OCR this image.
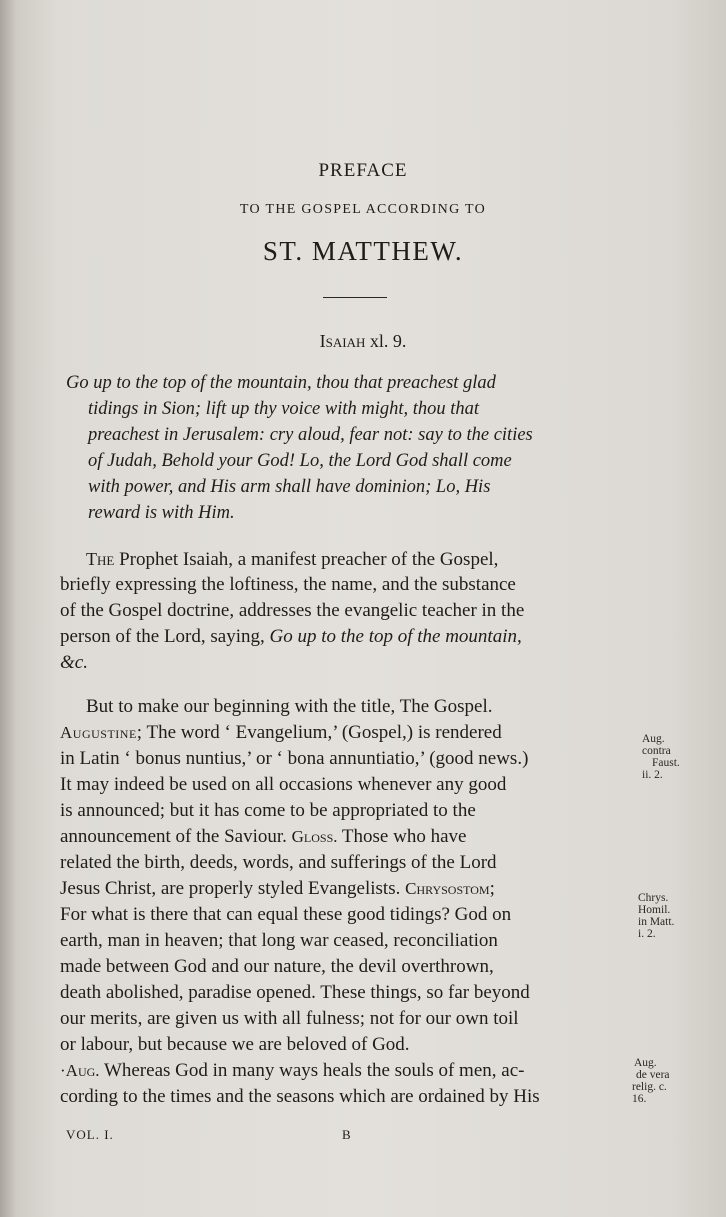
PREFACE
TO THE GOSPEL ACCORDING TO
ST. MATTHEW.
Isaiah xl. 9.
Go up to the top of the mountain, thou that preachest glad
tidings in Sion; lift up thy voice with might, thou that
preachest in Jerusalem: cry aloud, fear not: say to the cities
of Judah, Behold your God! Lo, the Lord God shall come
with power, and His arm shall have dominion; Lo, His
reward is with Him.
The Prophet Isaiah, a manifest preacher of the Gospel,
briefly expressing the loftiness, the name, and the substance
of the Gospel doctrine, addresses the evangelic teacher in the
person of the Lord, saying, Go up to the top of the mountain,
&c.
But to make our beginning with the title, The Gospel.
Augustine; The word ‘ Evangelium,’ (Gospel,) is rendered
in Latin ‘ bonus nuntius,’ or ‘ bona annuntiatio,’ (good news.)
It may indeed be used on all occasions whenever any good
is announced; but it has come to be appropriated to the
announcement of the Saviour. Gloss. Those who have
related the birth, deeds, words, and sufferings of the Lord
Jesus Christ, are properly styled Evangelists. Chrysostom;
For what is there that can equal these good tidings? God on
earth, man in heaven; that long war ceased, reconciliation
made between God and our nature, the devil overthrown,
death abolished, paradise opened. These things, so far beyond
our merits, are given us with all fulness; not for our own toil
or labour, but because we are beloved of God.
·Aug. Whereas God in many ways heals the souls of men, ac-
cording to the times and the seasons which are ordained by His
Aug.
contra
Faust.
ii. 2.
Chrys.
Homil.
in Matt.
i. 2.
Aug.
de vera
relig. c.
16.
VOL. I.	B
